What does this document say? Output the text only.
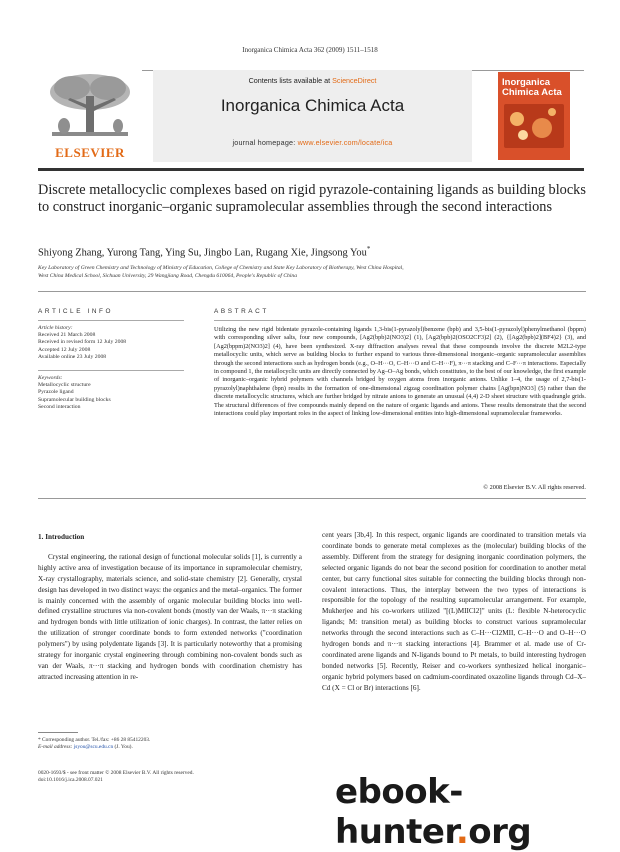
Inorganica Chimica Acta 362 (2009) 1511–1518
ELSEVIER
Contents lists available at ScienceDirect
Inorganica Chimica Acta
journal homepage: www.elsevier.com/locate/ica
Inorganica Chimica Acta
Discrete metallocyclic complexes based on rigid pyrazole-containing ligands as building blocks to construct inorganic–organic supramolecular assemblies through the second interactions
Shiyong Zhang, Yurong Tang, Ying Su, Jingbo Lan, Rugang Xie, Jingsong You*
Key Laboratory of Green Chemistry and Technology of Ministry of Education, College of Chemistry and State Key Laboratory of Biotherapy, West China Hospital,
West China Medical School, Sichuan University, 29 Wangjiang Road, Chengdu 610064, People's Republic of China
ARTICLE INFO
Article history:
Received 21 March 2008
Received in revised form 12 July 2008
Accepted 12 July 2008
Available online 23 July 2008
Keywords:
Metallocyclic structure
Pyrazole ligand
Supramolecular building blocks
Second interaction
ABSTRACT
Utilizing the new rigid bidentate pyrazole-containing ligands 1,3-bis(1-pyrazolyl)benzene (bpb) and 3,5-bis(1-pyrazolyl)phenylmethanol (bppm) with corresponding silver salts, four new compounds, [Ag2(bpb)2(NO3)2] (1), [Ag2(bpb)2(OSO2CF3)2] (2), {[Ag2(bpb)2](BF4)2} (3), and [Ag2(bppm)2(NO3)2] (4), have been synthesized. X-ray diffraction analyses reveal that these compounds involve the discrete M2L2-type metallocyclic units, which serve as building blocks to further expand to various three-dimensional inorganic–organic supramolecular assemblies through the second interactions such as hydrogen bonds (e.g., O–H···O, C–H···O and C–H···F), π···π stacking and C–F···π interactions. Especially in compound 1, the metallocyclic units are directly connected by Ag–O–Ag bonds, which constitutes, to the best of our knowledge, the first example of inorganic–organic hybrid polymers with channels bridged by oxygen atoms from inorganic anions. Unlike 1–4, the usage of 2,7-bis(1-pyrazolyl)naphthalene (bpn) results in the formation of one-dimensional zigzag coordination polymer chains [Ag(bpn)NO3] (5) rather than the discrete metallocyclic structures, which are further bridged by nitrate anions to generate an unusual (4,4) 2-D sheet structure with quadrangle grids. The structural differences of five compounds mainly depend on the nature of organic ligands and anions. These results demonstrate that the second interactions could play important roles in the aspect of linking low-dimensional entities into high-dimensional supramolecular frameworks.
© 2008 Elsevier B.V. All rights reserved.
1. Introduction

Crystal engineering, the rational design of functional molecular solids [1], is currently a highly active area of investigation because of its importance in supramolecular chemistry, X-ray crystallography, materials science, and solid-state chemistry [2]. Generally, crystal design has developed in two distinct ways: the organics and the metal–organics. The former is mainly concerned with the assembly of organic molecular building blocks into well-defined crystalline structures via non-covalent bonds (mostly van der Waals, π···π stacking and hydrogen bonds with little utilization of ionic charges). In contrast, the latter relies on the utilization of stronger coordinate bonds to form extended networks ("coordination polymers") by using polydentate ligands [3]. It is particularly noteworthy that a promising strategy for inorganic crystal engineering through combining non-covalent bonds such as van der Waals, π···π stacking and hydrogen bonds with coordination chemistry has attracted increasing attention in re-

cent years [3b,4]. In this respect, organic ligands are coordinated to transition metals via coordinate bonds to generate metal complexes as the (molecular) building blocks of the assembly. Different from the strategy for designing inorganic coordination polymers, the selected organic ligands do not bear the second position for coordination to another metal center, but carry functional sites suitable for connecting the building blocks through non-covalent interactions. Thus, the interplay between the two types of interactions is responsible for the topology of the resulting supramolecular arrangement. For example, Mukherjee and his co-workers utilized "[(L)MIICl2]" units (L: flexible N-heterocyclic ligands; M: transition metal) as building blocks to construct various supramolecular networks through the second interactions such as C–H···Cl2MII, C–H···O and O–H···O hydrogen bonds and π···π stacking interactions [4]. Brammer et al. made use of Cr-coordinated arene ligands and N-ligands bound to Pt metals, to build interesting hydrogen bonded networks [5]. Recently, Reiser and co-workers synthesized helical inorganic–organic hybrid polymers based on cadmium-coordinated oxazoline ligands through Cd–X–Cd (X = Cl or Br) interactions [6].

* Corresponding author. Tel./fax: +86 28 85412203.
E-mail address: jsyou@scu.edu.cn (J. You).
0020-1693/$ - see front matter © 2008 Elsevier B.V. All rights reserved.
doi:10.1016/j.ica.2008.07.021	ebook-hunter.org
